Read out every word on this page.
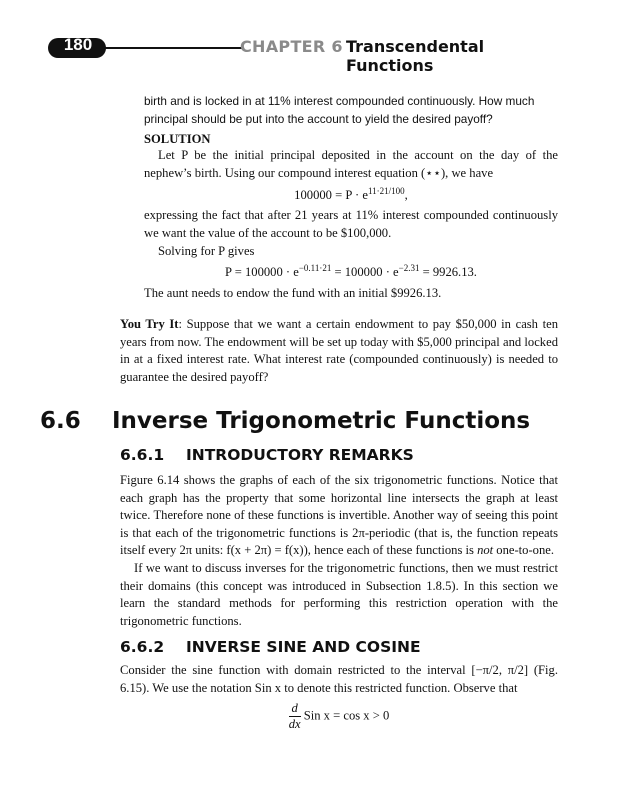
180	CHAPTER 6 Transcendental Functions

birth and is locked in at 11% interest compounded continuously. How much

principal should be put into the account to yield the desired payoff?

SOLUTION

Let P be the initial principal deposited in the account on the day of the nephew’s birth. Using our compound interest equation (⋆⋆), we have

$100000 = P \cdot e^{11\cdot 21/100}$,

expressing the fact that after 21 years at 11% interest compounded continuously we want the value of the account to be $100,000.

Solving for P gives

$P = 100000 \cdot e^{-0.11\cdot 21} = 100000 \cdot e^{-2.31} = 9926.13$.

The aunt needs to endow the fund with an initial $9926.13.

You Try It: Suppose that we want a certain endowment to pay $50,000 in cash ten years from now. The endowment will be set up today with $5,000 principal and locked in at a fixed interest rate. What interest rate (compounded continuously) is needed to guarantee the desired payoff?

6.6 Inverse Trigonometric Functions
6.6.1 INTRODUCTORY REMARKS

Figure 6.14 shows the graphs of each of the six trigonometric functions. Notice that each graph has the property that some horizontal line intersects the graph at least twice. Therefore none of these functions is invertible. Another way of seeing this point is that each of the trigonometric functions is 2π-periodic (that is, the function repeats itself every 2π units: f(x + 2π) = f(x)), hence each of these functions is not one-to-one.

If we want to discuss inverses for the trigonometric functions, then we must restrict their domains (this concept was introduced in Subsection 1.8.5). In this section we learn the standard methods for performing this restriction operation with the trigonometric functions.

6.6.2 INVERSE SINE AND COSINE

Consider the sine function with domain restricted to the interval [−π/2, π/2] (Fig. 6.15). We use the notation Sin x to denote this restricted function. Observe that

$\frac{d}{dx}$ Sin x = cos x > 0
